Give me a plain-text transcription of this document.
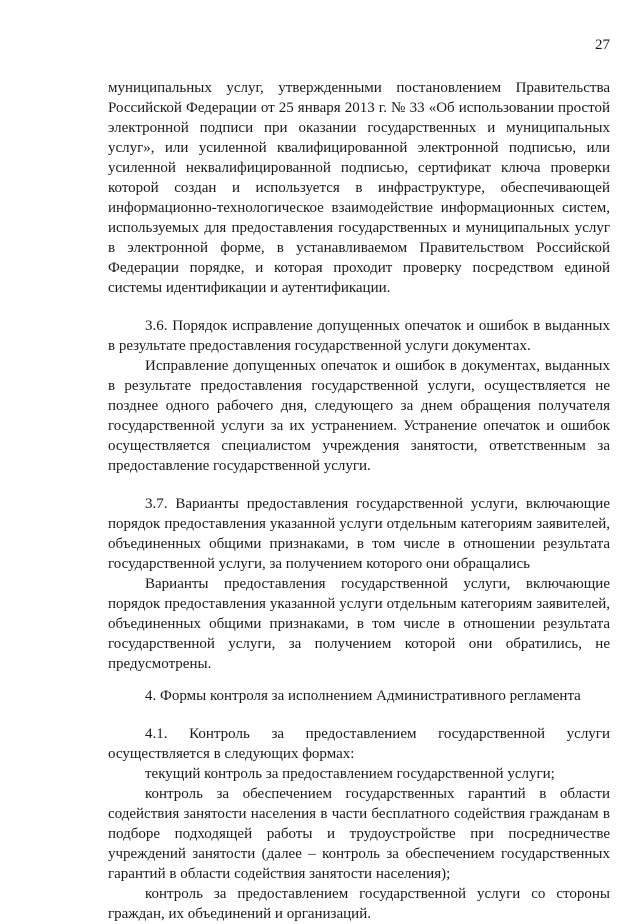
27

муниципальных услуг, утвержденными постановлением Правительства Российской Федерации от 25 января 2013 г. № 33 «Об использовании простой электронной подписи при оказании государственных и муниципальных услуг», или усиленной квалифицированной электронной подписью, или усиленной неквалифицированной подписью, сертификат ключа проверки которой создан и используется в инфраструктуре, обеспечивающей информационно-технологическое взаимодействие информационных систем, используемых для предоставления государственных и муниципальных услуг в электронной форме, в устанавливаемом Правительством Российской Федерации порядке, и которая проходит проверку посредством единой системы идентификации и аутентификации.

3.6. Порядок исправление допущенных опечаток и ошибок в выданных в результате предоставления государственной услуги документах.

Исправление допущенных опечаток и ошибок в документах, выданных в результате предоставления государственной услуги, осуществляется не позднее одного рабочего дня, следующего за днем обращения получателя государственной услуги за их устранением. Устранение опечаток и ошибок осуществляется специалистом учреждения занятости, ответственным за предоставление государственной услуги.

3.7. Варианты предоставления государственной услуги, включающие порядок предоставления указанной услуги отдельным категориям заявителей, объединенных общими признаками, в том числе в отношении результата государственной услуги, за получением которого они обращались

Варианты предоставления государственной услуги, включающие порядок предоставления указанной услуги отдельным категориям заявителей, объединенных общими признаками, в том числе в отношении результата государственной услуги, за получением которой они обратились, не предусмотрены.

4. Формы контроля за исполнением Административного регламента

4.1. Контроль за предоставлением государственной услуги осуществляется в следующих формах:

текущий контроль за предоставлением государственной услуги;

контроль за обеспечением государственных гарантий в области содействия занятости населения в части бесплатного содействия гражданам в подборе подходящей работы и трудоустройстве при посредничестве учреждений занятости (далее – контроль за обеспечением государственных гарантий в области содействия занятости населения);

контроль за предоставлением государственной услуги со стороны граждан, их объединений и организаций.
